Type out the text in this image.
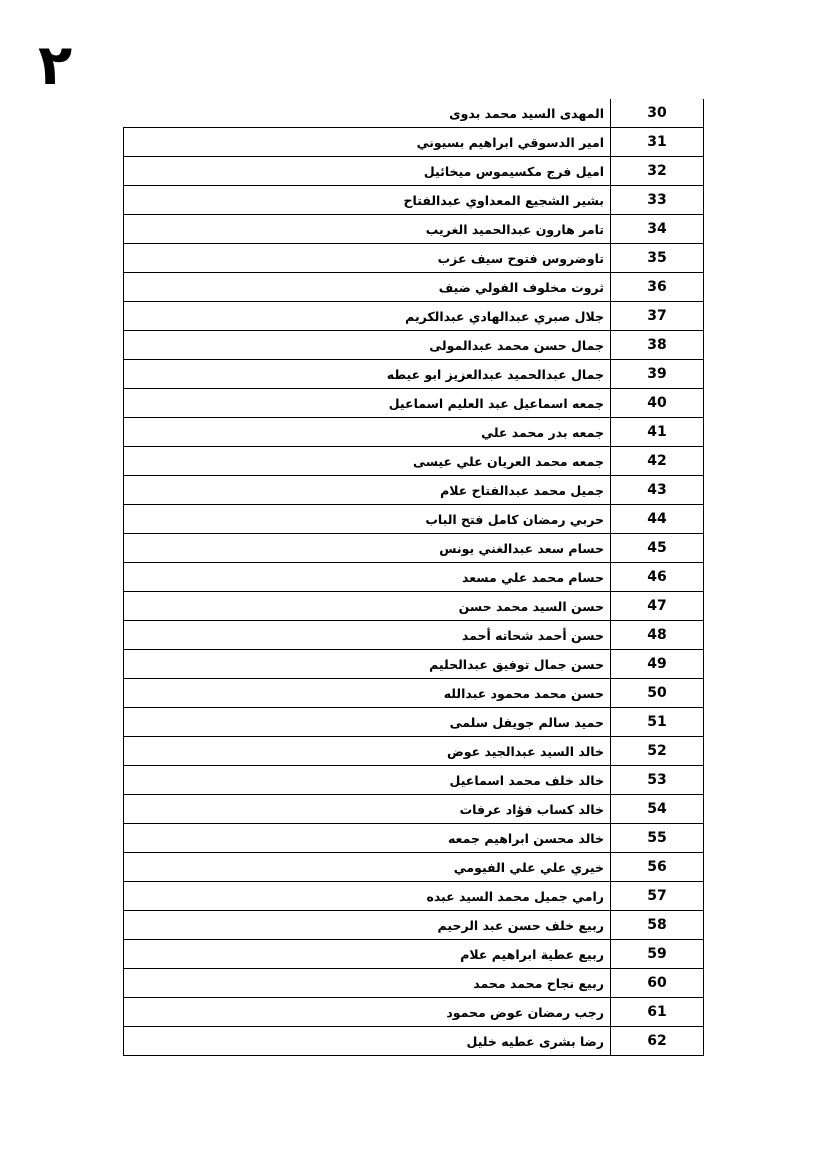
٢
30	المهدى السيد محمد بدوى
31	امير الدسوقي ابراهيم بسيوني
32	اميل فرج مكسيموس ميخائيل
33	بشير الشجيع المعداوي عبدالفتاح
34	تامر هارون عبدالحميد الغريب
35	تاوضروس فتوح سيف عزب
36	ثروت مخلوف الفولي ضيف
37	جلال صبري عبدالهادي عبدالكريم
38	جمال حسن محمد عبدالمولى
39	جمال عبدالحميد عبدالعزيز ابو عيطه
40	جمعه اسماعيل عبد العليم اسماعيل
41	جمعه بدر محمد علي
42	جمعه محمد العريان علي عيسى
43	جميل محمد عبدالفتاح علام
44	حربي رمضان كامل فتح الباب
45	حسام سعد عبدالغني يونس
46	حسام محمد علي مسعد
47	حسن السيد محمد حسن
48	حسن أحمد شحاته أحمد
49	حسن جمال توفيق عبدالحليم
50	حسن محمد محمود عبدالله
51	حميد سالم جويفل سلمى
52	خالد السيد عبدالجيد عوض
53	خالد خلف محمد اسماعيل
54	خالد كساب فؤاد عرفات
55	خالد محسن ابراهيم جمعه
56	خيري علي علي الفيومي
57	رامي جميل محمد السيد عبده
58	ربيع خلف حسن عبد الرحيم
59	ربيع عطية ابراهيم علام
60	ربيع نجاح محمد محمد
61	رجب رمضان عوض محمود
62	رضا بشرى عطيه خليل
